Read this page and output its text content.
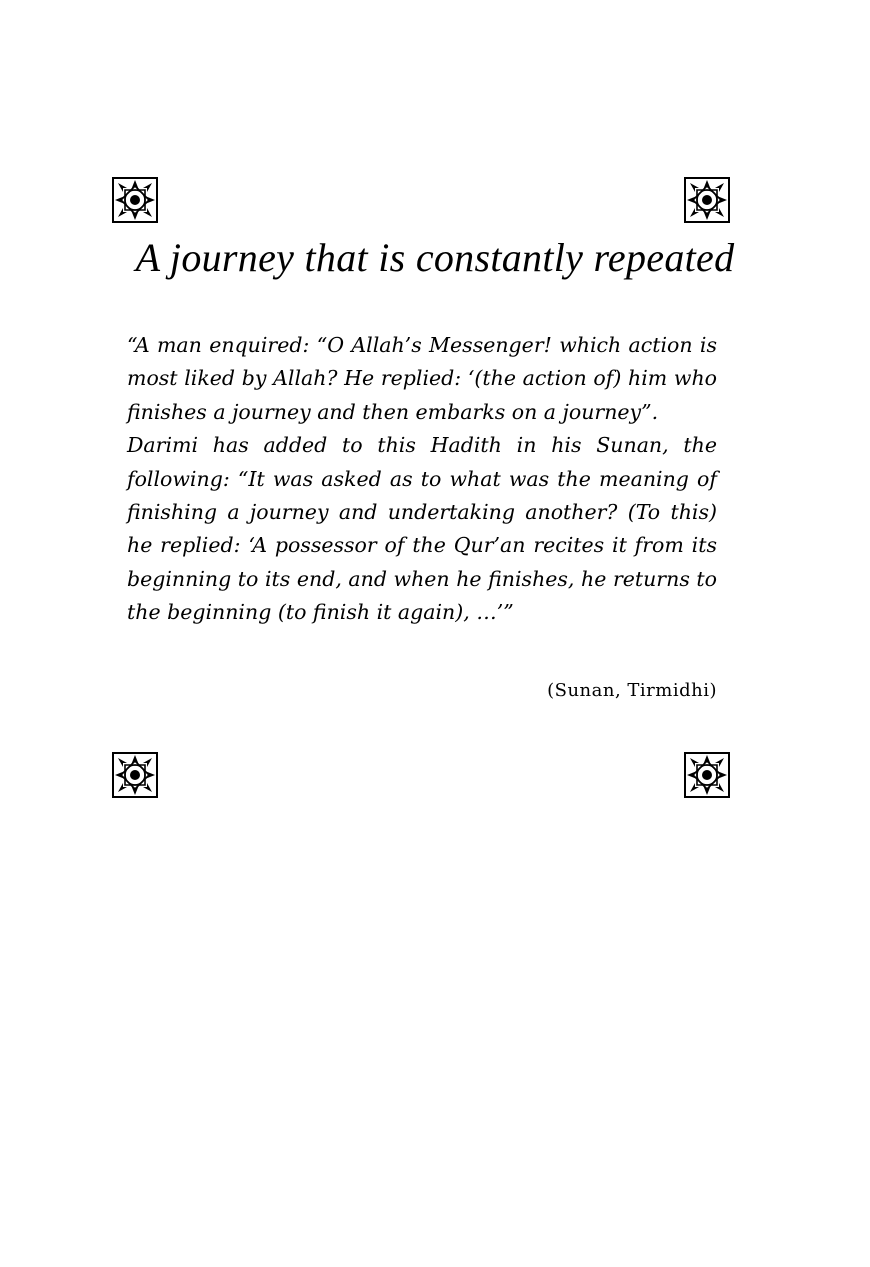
A journey that is constantly repeated

“A man enquired: “O Allah’s Messenger! which action is most liked by Allah? He replied: ‘(the action of) him who finishes a journey and then embarks on a journey”.

Darimi has added to this Hadith in his Sunan, the following: “It was asked as to what was the meaning of finishing a journey and undertaking another? (To this) he replied: ‘A possessor of the Qur’an recites it from its beginning to its end, and when he finishes, he returns to the beginning (to finish it again), …’”

(Sunan, Tirmidhi)
